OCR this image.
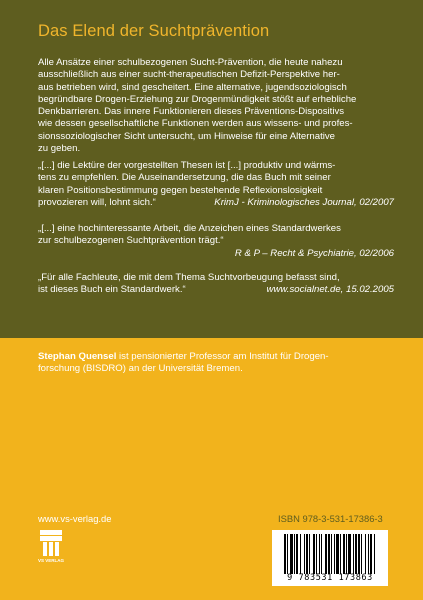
Das Elend der Suchtprävention
Alle Ansätze einer schulbezogenen Sucht-Prävention, die heute nahezu
ausschließlich aus einer sucht-therapeutischen Defizit-Perspektive her-
aus betrieben wird, sind gescheitert. Eine alternative, jugendsoziologisch
begründbare Drogen-Erziehung zur Drogenmündigkeit stößt auf erhebliche
Denkbarrieren. Das innere Funktionieren dieses Präventions-Dispositivs
wie dessen gesellschaftliche Funktionen werden aus wissens- und profes-
sionssoziologischer Sicht untersucht, um Hinweise für eine Alternative
zu geben.
„[...] die Lektüre der vorgestellten Thesen ist [...] produktiv und wärms-
tens zu empfehlen. Die Auseinandersetzung, die das Buch mit seiner
klaren Positionsbestimmung gegen bestehende Reflexionslosigkeit
provozieren will, lohnt sich.“	KrimJ - Kriminologisches Journal, 02/2007
„[...] eine hochinteressante Arbeit, die Anzeichen eines Standardwerkes
zur schulbezogenen Suchtprävention trägt.“
R & P – Recht & Psychiatrie, 02/2006
„Für alle Fachleute, die mit dem Thema Suchtvorbeugung befasst sind,
ist dieses Buch ein Standardwerk.“	www.socialnet.de, 15.02.2005
Stephan Quensel ist pensionierter Professor am Institut für Drogen-
forschung (BISDRO) an der Universität Bremen.
www.vs-verlag.de
VS VERLAG
ISBN 978-3-531-17386-3
9 783531 173863
